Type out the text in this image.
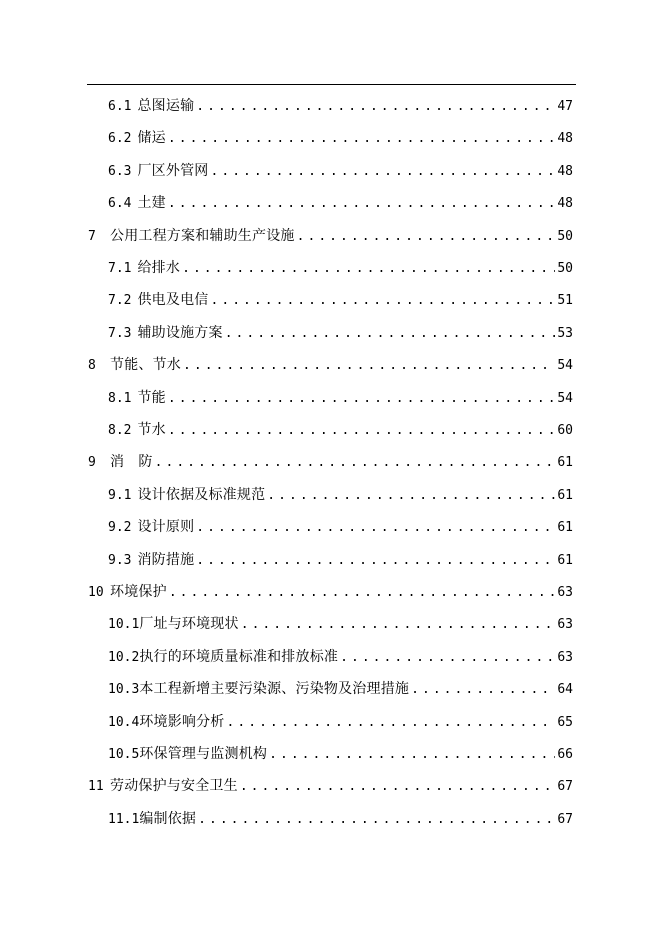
6.1 总图运输 . . .	47
6.2 储运 . . .	48
6.3 厂区外管网 . . .	48
6.4 土建 . . .	48
7	公用工程方案和辅助生产设施 . . .	50
7.1 给排水 . . .	50
7.2 供电及电信 . . .	51
7.3 辅助设施方案 . . .	53
8	节能、节水 . . .	54
8.1 节能 . . .	54
8.2 节水 . . .	60
9	消　防 . . .	61
9.1 设计依据及标准规范 . . .	61
9.2 设计原则 . . .	61
9.3 消防措施 . . .	61
10 环境保护 . . .	63
10.1 厂址与环境现状 . . .	63
10.2 执行的环境质量标准和排放标准 . . .	63
10.3 本工程新增主要污染源、污染物及治理措施 . . .	64
10.4 环境影响分析 . . .	65
10.5 环保管理与监测机构 . . .	66
11 劳动保护与安全卫生 . . .	67
11.1 编制依据 . . .	67
